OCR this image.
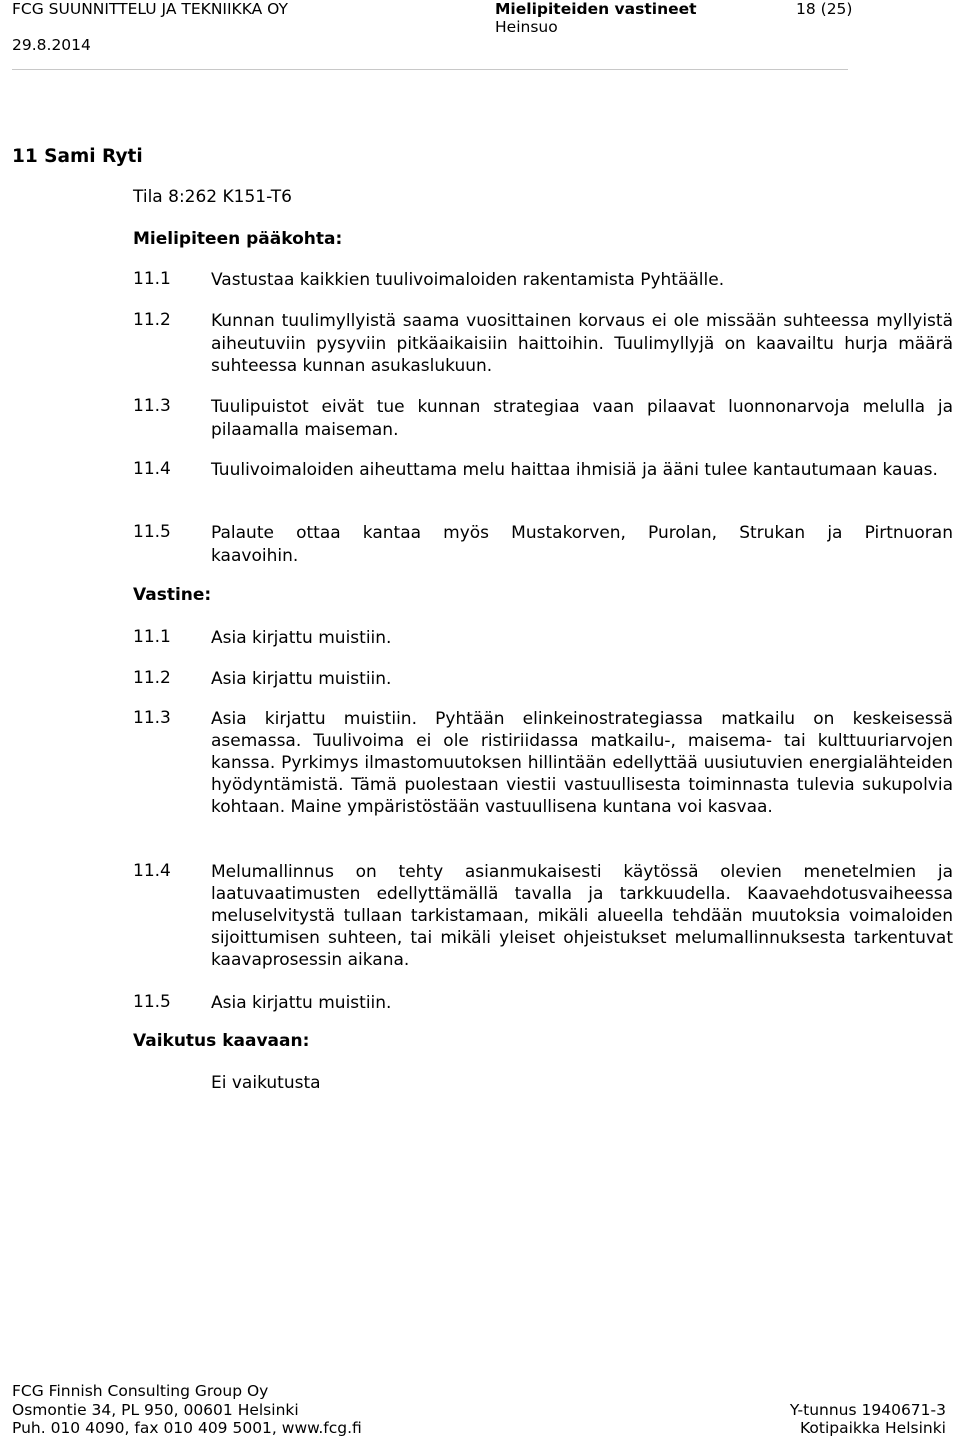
FCG SUUNNITTELU JA TEKNIIKKA OY
29.8.2014
Mielipiteiden vastineet
Heinsuo
18 (25)
11 Sami Ryti
Tila 8:262 K151-T6
Mielipiteen pääkohta:
11.1 Vastustaa kaikkien tuulivoimaloiden rakentamista Pyhtäälle.
11.2 Kunnan tuulimyllyistä saama vuosittainen korvaus ei ole missään suhteessa myllyistä aiheutuviin pysyviin pitkäaikaisiin haittoihin. Tuulimyllyjä on kaavailtu hurja määrä suhteessa kunnan asukaslukuun.
11.3 Tuulipuistot eivät tue kunnan strategiaa vaan pilaavat luonnonarvoja melulla ja pilaamalla maiseman.
11.4 Tuulivoimaloiden aiheuttama melu haittaa ihmisiä ja ääni tulee kantautumaan kauas.
11.5 Palaute ottaa kantaa myös Mustakorven, Purolan, Strukan ja Pirtnuoran kaavoihin.
Vastine:
11.1 Asia kirjattu muistiin.
11.2 Asia kirjattu muistiin.
11.3 Asia kirjattu muistiin. Pyhtään elinkeinostrategiassa matkailu on keskeisessä asemassa. Tuulivoima ei ole ristiriidassa matkailu-, maisema- tai kulttuuriarvojen kanssa. Pyrkimys ilmastomuutoksen hillintään edellyttää uusiutuvien energialähteiden hyödyntämistä. Tämä puolestaan viestii vastuullisesta toiminnasta tulevia sukupolvia kohtaan. Maine ympäristöstään vastuullisena kuntana voi kasvaa.
11.4 Melumallinnus on tehty asianmukaisesti käytössä olevien menetelmien ja laatuvaatimusten edellyttämällä tavalla ja tarkkuudella. Kaavaehdotusvaiheessa meluselvitystä tullaan tarkistamaan, mikäli alueella tehdään muutoksia voimaloiden sijoittumisen suhteen, tai mikäli yleiset ohjeistukset melumallinnuksesta tarkentuvat kaavaprosessin aikana.
11.5 Asia kirjattu muistiin.
Vaikutus kaavaan:
Ei vaikutusta
FCG Finnish Consulting Group Oy
Osmontie 34, PL 950, 00601 Helsinki
Puh. 010 4090, fax 010 409 5001, www.fcg.fi
Y-tunnus 1940671-3
Kotipaikka Helsinki
